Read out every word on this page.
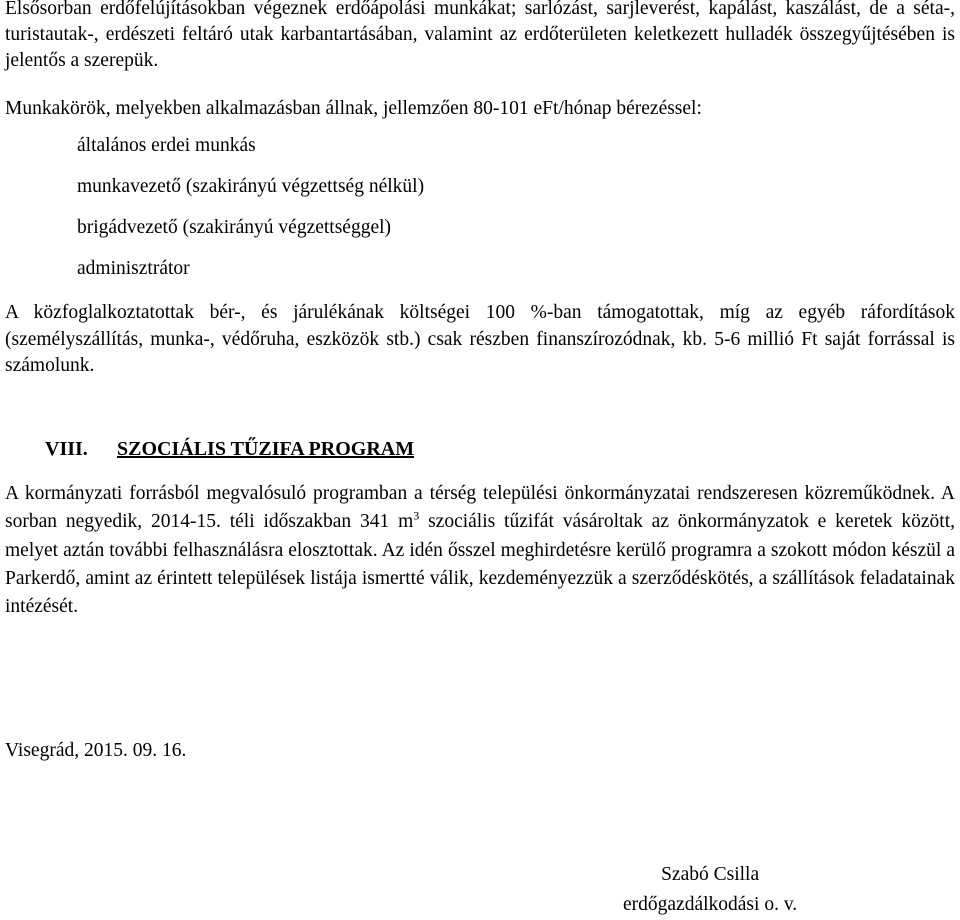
Elsősorban erdőfelújításokban végeznek erdőápolási munkákat; sarlózást, sarjleverést, kapálást, kaszálást, de a séta-, turistautak-, erdészeti feltáró utak karbantartásában, valamint az erdőterületen keletkezett hulladék összegyűjtésében is jelentős a szerepük.

Munkakörök, melyekben alkalmazásban állnak, jellemzően 80-101 eFt/hónap bérezéssel:

általános erdei munkás
munkavezető (szakirányú végzettség nélkül)
brigádvezető (szakirányú végzettséggel)
adminisztrátor

A közfoglalkoztatottak bér-, és járulékának költségei 100 %-ban támogatottak, míg az egyéb ráfordítások (személyszállítás, munka-, védőruha, eszközök stb.) csak részben finanszírozódnak, kb. 5-6 millió Ft saját forrással is számolunk.

VIII. SZOCIÁLIS TŰZIFA PROGRAM

A kormányzati forrásból megvalósuló programban a térség települési önkormányzatai rendszeresen közreműködnek. A sorban negyedik, 2014-15. téli időszakban 341 $m^3$ szociális tűzifát vásároltak az önkormányzatok e keretek között, melyet aztán további felhasználásra elosztottak. Az idén ősszel meghirdetésre kerülő programra a szokott módon készül a Parkerdő, amint az érintett települések listája ismertté válik, kezdeményezzük a szerződéskötés, a szállítások feladatainak intézését.

Visegrád, 2015. 09. 16.
Szabó Csilla
erdőgazdálkodási o. v.
